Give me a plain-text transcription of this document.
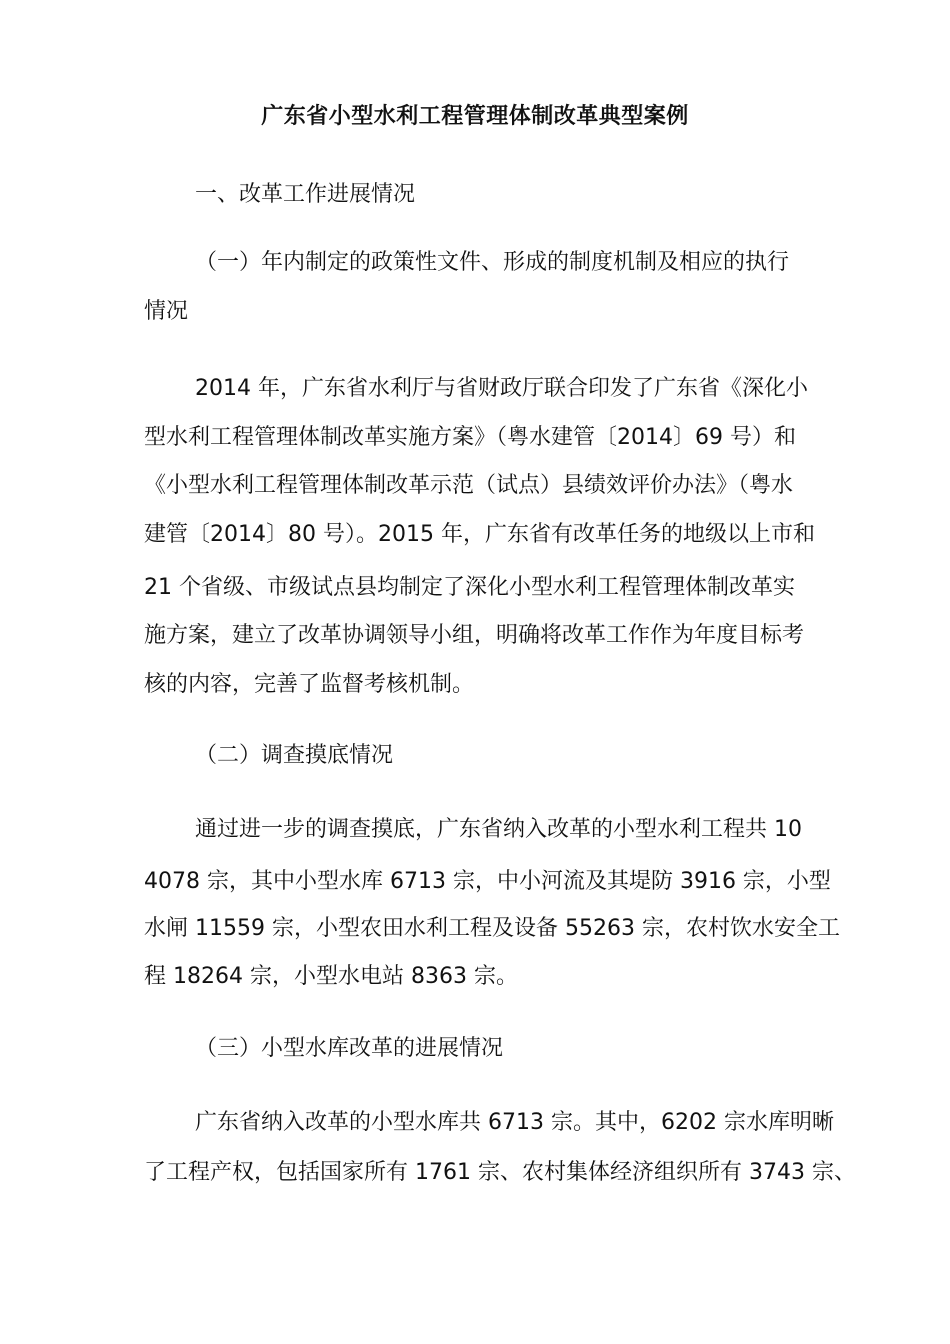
广东省小型水利工程管理体制改革典型案例
一、改革工作进展情况
（一）年内制定的政策性文件、形成的制度机制及相应的执行
情况
2014 年，广东省水利厅与省财政厅联合印发了广东省《深化小
型水利工程管理体制改革实施方案》（粤水建管〔2014〕69 号）和
《小型水利工程管理体制改革示范（试点）县绩效评价办法》（粤水
建管〔2014〕80 号）。2015 年，广东省有改革任务的地级以上市和
21 个省级、市级试点县均制定了深化小型水利工程管理体制改革实
施方案，建立了改革协调领导小组，明确将改革工作作为年度目标考
核的内容，完善了监督考核机制。
（二）调查摸底情况
通过进一步的调查摸底，广东省纳入改革的小型水利工程共 10
4078 宗，其中小型水库 6713 宗，中小河流及其堤防 3916 宗，小型
水闸 11559 宗，小型农田水利工程及设备 55263 宗，农村饮水安全工
程 18264 宗，小型水电站 8363 宗。
（三）小型水库改革的进展情况
广东省纳入改革的小型水库共 6713 宗。其中，6202 宗水库明晰
了工程产权，包括国家所有 1761 宗、农村集体经济组织所有 3743 宗、
